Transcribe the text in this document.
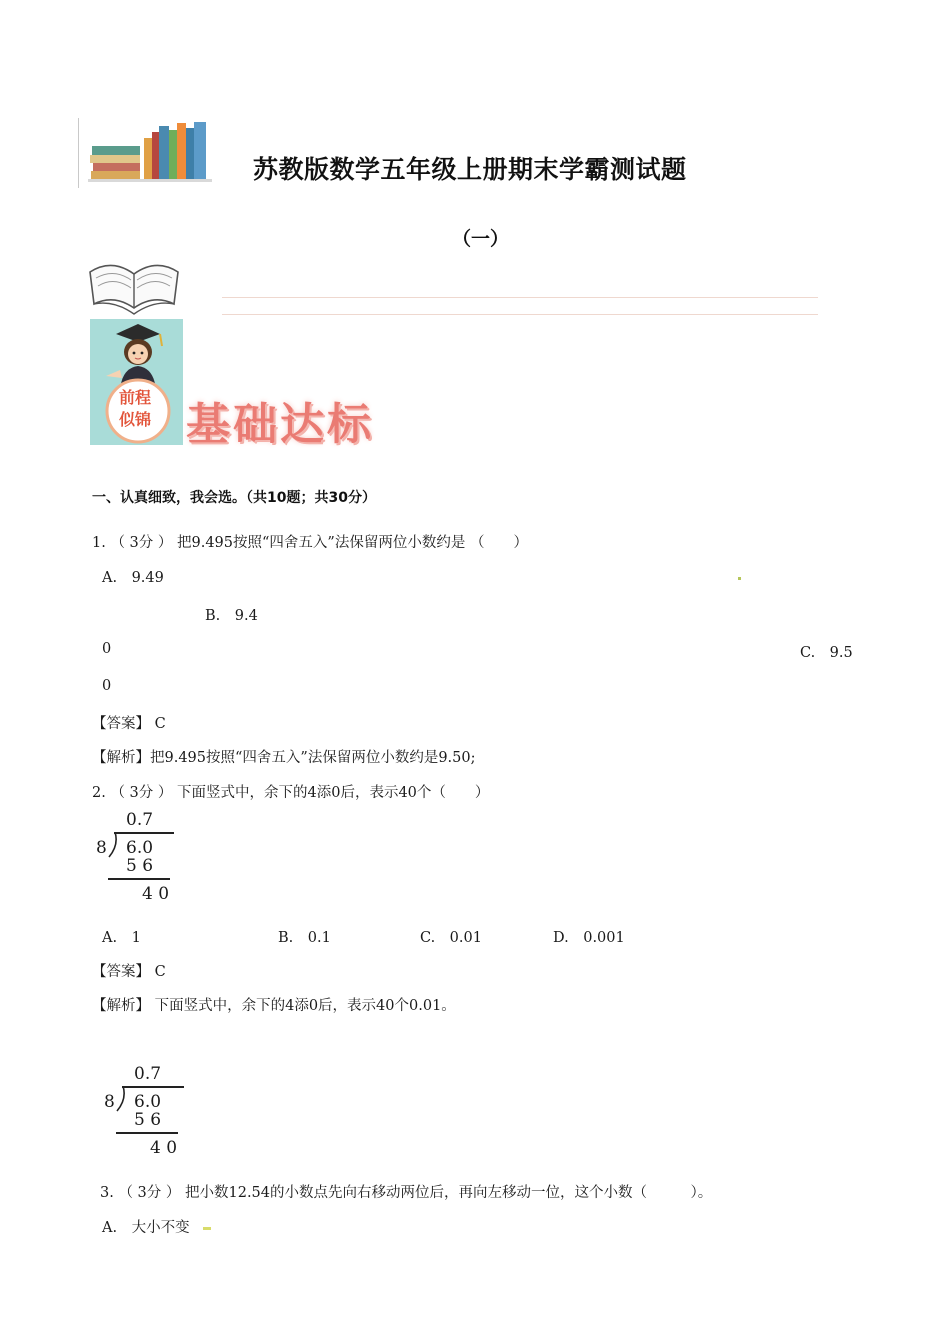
苏教版数学五年级上册期末学霸测试题
（一）
前程
似锦 基础达标
一、认真细致，我会选。（共10题；共30分）
1. （ 3分 ） 把9.495按照“四舍五入”法保留两位小数约是 （　　）
A.　9.49
B.　9.4
0	C.　9.5
0
【答案】 C
【解析】把9.495按照“四舍五入”法保留两位小数约是9.50;
2. （ 3分 ） 下面竖式中，余下的4添0后，表示40个（　　）
0.7
8 6.0
5 6
4 0
A.　1	B.　0.1	C.　0.01	D.　0.001
【答案】 C
【解析】 下面竖式中，余下的4添0后，表示40个0.01。
0.7
8 6.0
5 6
4 0
3. （ 3分 ） 把小数12.54的小数点先向右移动两位后，再向左移动一位，这个小数（　　　）。
A.　大小不变
